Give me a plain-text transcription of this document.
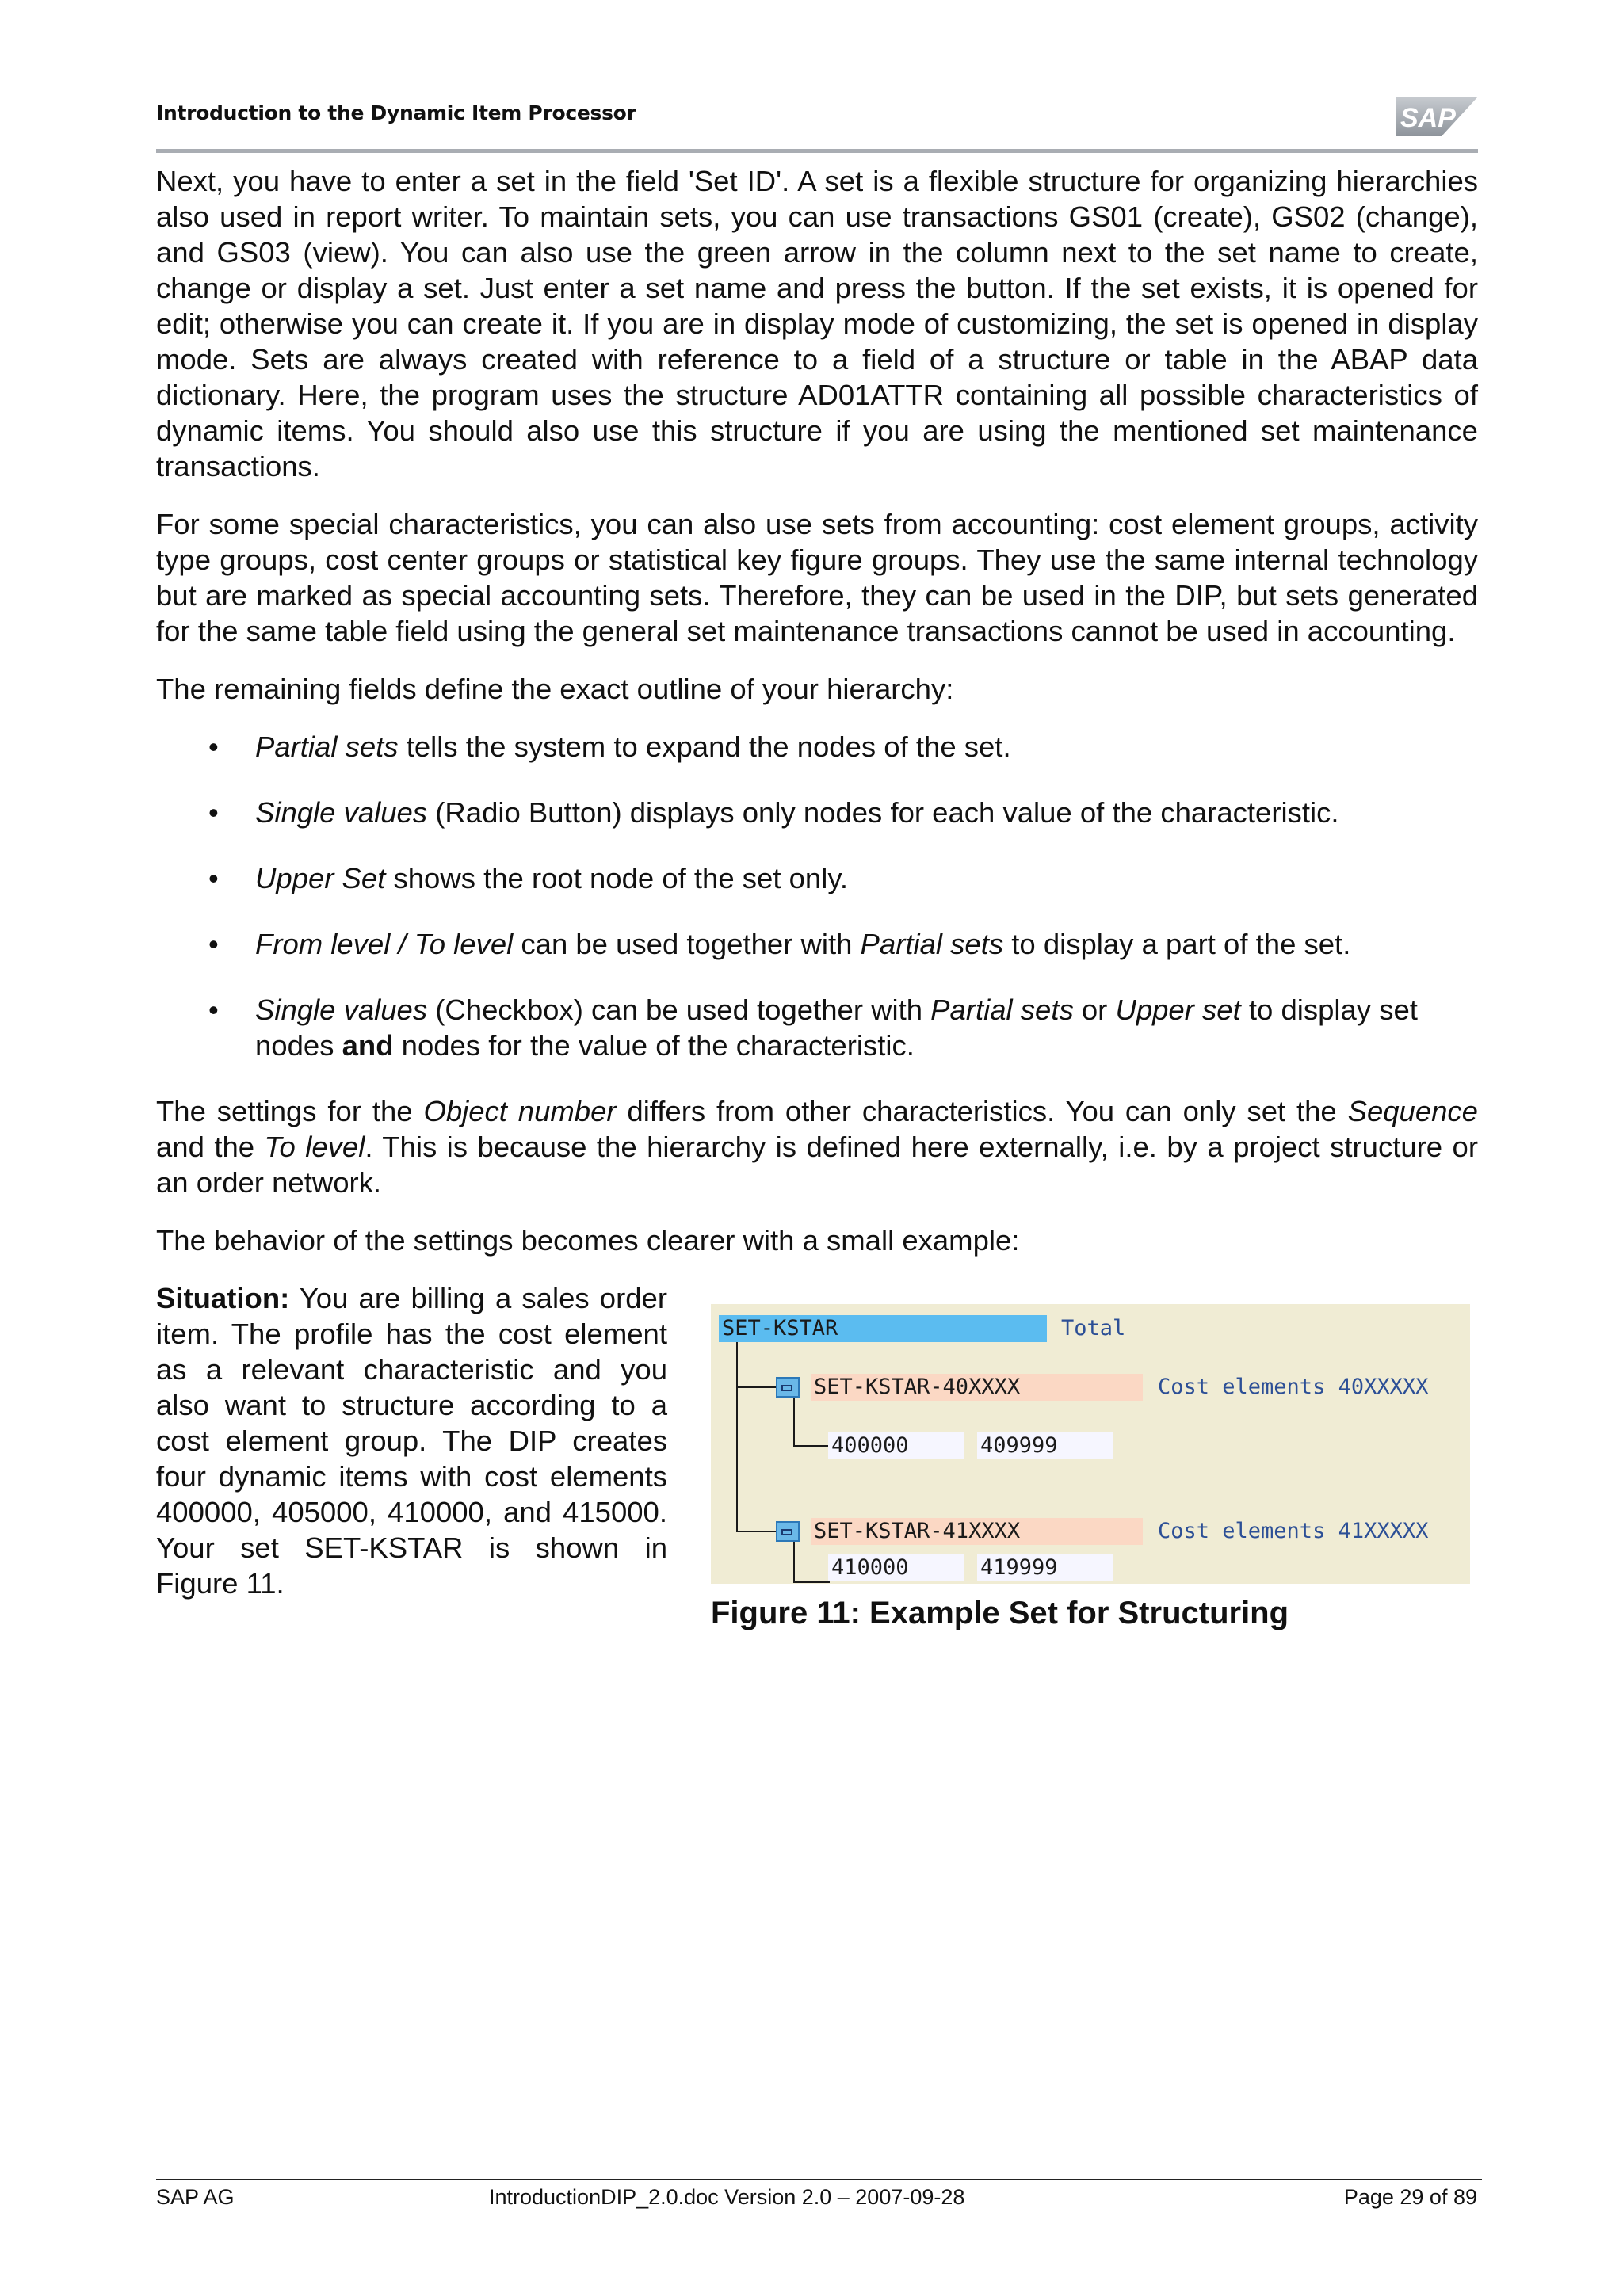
Introduction to the Dynamic Item Processor	SAP

Next, you have to enter a set in the field 'Set ID'. A set is a flexible structure for organizing hierarchies also used in report writer. To maintain sets, you can use transactions GS01 (create), GS02 (change), and GS03 (view). You can also use the green arrow in the column next to the set name to create, change or display a set. Just enter a set name and press the button. If the set exists, it is opened for edit; otherwise you can create it. If you are in display mode of customizing, the set is opened in display mode. Sets are always created with reference to a field of a structure or table in the ABAP data dictionary. Here, the program uses the structure AD01ATTR containing all possible characteristics of dynamic items. You should also use this structure if you are using the mentioned set maintenance transactions.

For some special characteristics, you can also use sets from accounting: cost element groups, activity type groups, cost center groups or statistical key figure groups. They use the same internal technology but are marked as special accounting sets. Therefore, they can be used in the DIP, but sets generated for the same table field using the general set maintenance transactions cannot be used in accounting.

The remaining fields define the exact outline of your hierarchy:

• Partial sets tells the system to expand the nodes of the set.
• Single values (Radio Button) displays only nodes for each value of the characteristic.
• Upper Set shows the root node of the set only.
• From level / To level can be used together with Partial sets to display a part of the set.
• Single values (Checkbox) can be used together with Partial sets or Upper set to display set nodes and nodes for the value of the characteristic.

The settings for the Object number differs from other characteristics. You can only set the Sequence and the To level. This is because the hierarchy is defined here externally, i.e. by a project structure or an order network.

The behavior of the settings becomes clearer with a small example:

Situation: You are billing a sales order item. The profile has the cost element as a relevant characteristic and you also want to structure according to a cost element group. The DIP creates four dynamic items with cost elements 400000, 405000, 410000, and 415000. Your set SET-KSTAR is shown in Figure 11.

SET-KSTAR	Total
SET-KSTAR-40XXXX	Cost elements 40XXXXX
400000	409999
SET-KSTAR-41XXXX	Cost elements 41XXXXX
410000	419999
Figure 11: Example Set for Structuring
SAP AG	IntroductionDIP_2.0.doc Version 2.0 – 2007-09-28	Page 29 of 89
